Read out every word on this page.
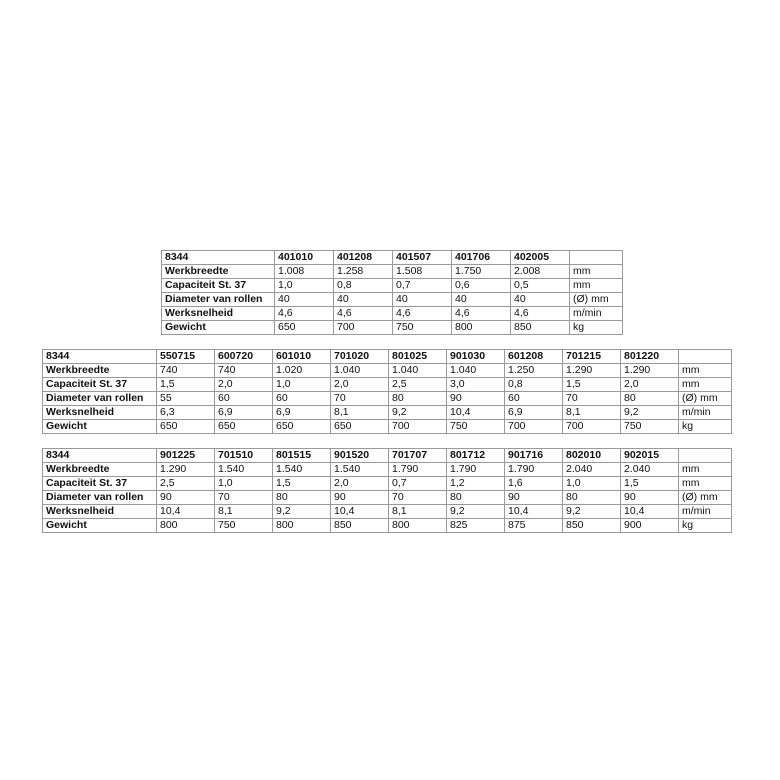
8344	401010	401208	401507	401706	402005	
Werkbreedte	1.008	1.258	1.508	1.750	2.008	mm
Capaciteit St. 37	1,0	0,8	0,7	0,6	0,5	mm
Diameter van rollen	40	40	40	40	40	(Ø) mm
Werksnelheid	4,6	4,6	4,6	4,6	4,6	m/min
Gewicht	650	700	750	800	850	kg
8344	550715	600720	601010	701020	801025	901030	601208	701215	801220	
Werkbreedte	740	740	1.020	1.040	1.040	1.040	1.250	1.290	1.290	mm
Capaciteit St. 37	1,5	2,0	1,0	2,0	2,5	3,0	0,8	1,5	2,0	mm
Diameter van rollen	55	60	60	70	80	90	60	70	80	(Ø) mm
Werksnelheid	6,3	6,9	6,9	8,1	9,2	10,4	6,9	8,1	9,2	m/min
Gewicht	650	650	650	650	700	750	700	700	750	kg
8344	901225	701510	801515	901520	701707	801712	901716	802010	902015	
Werkbreedte	1.290	1.540	1.540	1.540	1.790	1.790	1.790	2.040	2.040	mm
Capaciteit St. 37	2,5	1,0	1,5	2,0	0,7	1,2	1,6	1,0	1,5	mm
Diameter van rollen	90	70	80	90	70	80	90	80	90	(Ø) mm
Werksnelheid	10,4	8,1	9,2	10,4	8,1	9,2	10,4	9,2	10,4	m/min
Gewicht	800	750	800	850	800	825	875	850	900	kg
